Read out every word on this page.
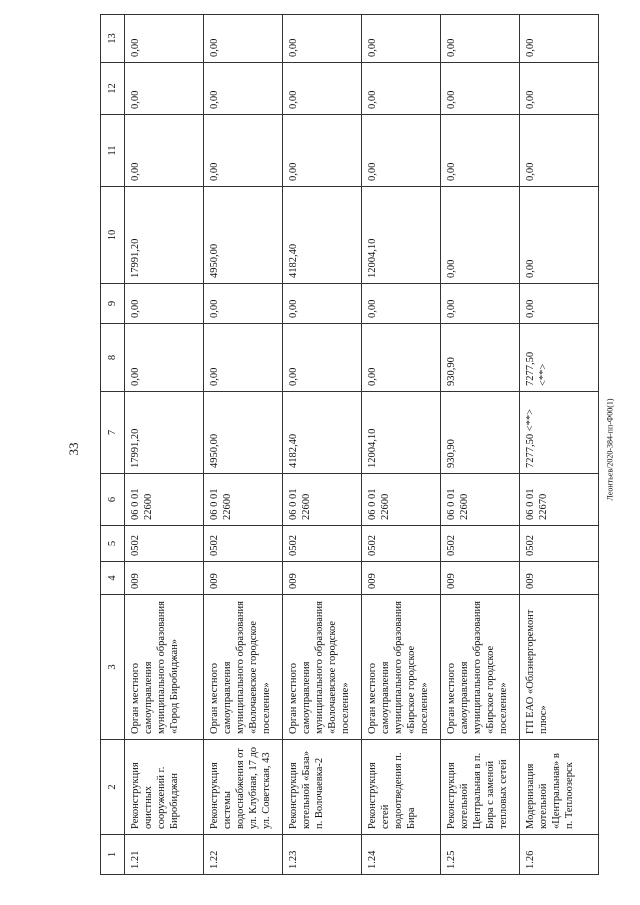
33	Леонтьев/2020-384-пп-Ф00(1)
1	2	3	4	5	6	7	8	9	10	11	12	13
1.21	Реконструкция очистных сооружений г. Биробиджан	Орган местного самоуправления муниципального образования «Город Биробиджан»	009	0502	06 0 01 22600	17991,20	0,00	0,00	17991,20	0,00	0,00	0,00
1.22	Реконструкция системы водоснабжения от ул. Клубная, 17 до ул. Советская, 43	Орган местного самоуправления муниципального образования «Волочаевское городское поселение»	009	0502	06 0 01 22600	4950,00	0,00	0,00	4950,00	0,00	0,00	0,00
1.23	Реконструкция котельной «База» п. Волочаевка-2	Орган местного самоуправления муниципального образования «Волочаевское городское поселение»	009	0502	06 0 01 22600	4182,40	0,00	0,00	4182,40	0,00	0,00	0,00
1.24	Реконструкция сетей водоотведения п. Бира	Орган местного самоуправления муниципального образования «Бирское городское поселение»	009	0502	06 0 01 22600	12004,10	0,00	0,00	12004,10	0,00	0,00	0,00
1.25	Реконструкция котельной Центральная в п. Бира с заменой тепловых сетей	Орган местного самоуправления муниципального образования «Бирское городское поселение»	009	0502	06 0 01 22600	930,90	930,90	0,00	0,00	0,00	0,00	0,00
1.26	Модернизация котельной «Центральная» в п. Теплоозерск	ГП ЕАО «Облэнергоремонт плюс»	009	0502	06 0 01 22670	7277,50 <**>	7277,50 <**>	0,00	0,00	0,00	0,00	0,00
